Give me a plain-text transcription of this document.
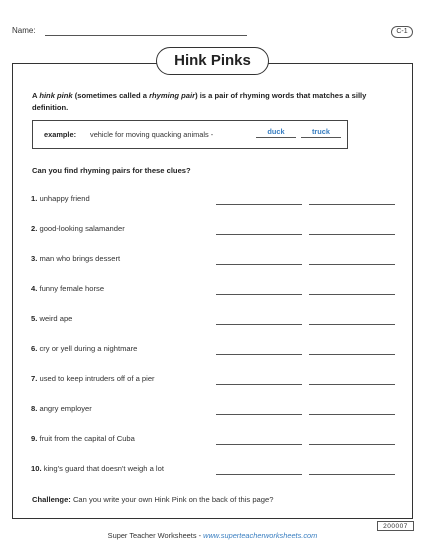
Name:	C-1
Hink Pinks
A hink pink (sometimes called a rhyming pair) is a pair of rhyming words that matches a silly definition.
example: vehicle for moving quacking animals -	duck	truck
Can you find rhyming pairs for these clues?
1. unhappy friend
2. good-looking salamander
3. man who brings dessert
4. funny female horse
5. weird ape
6. cry or yell during a nightmare
7. used to keep intruders off of a pier
8. angry employer
9. fruit from the capital of Cuba
10. king's guard that doesn't weigh a lot
Challenge: Can you write your own Hink Pink on the back of this page?
200007
Super Teacher Worksheets - www.superteacherworksheets.com
